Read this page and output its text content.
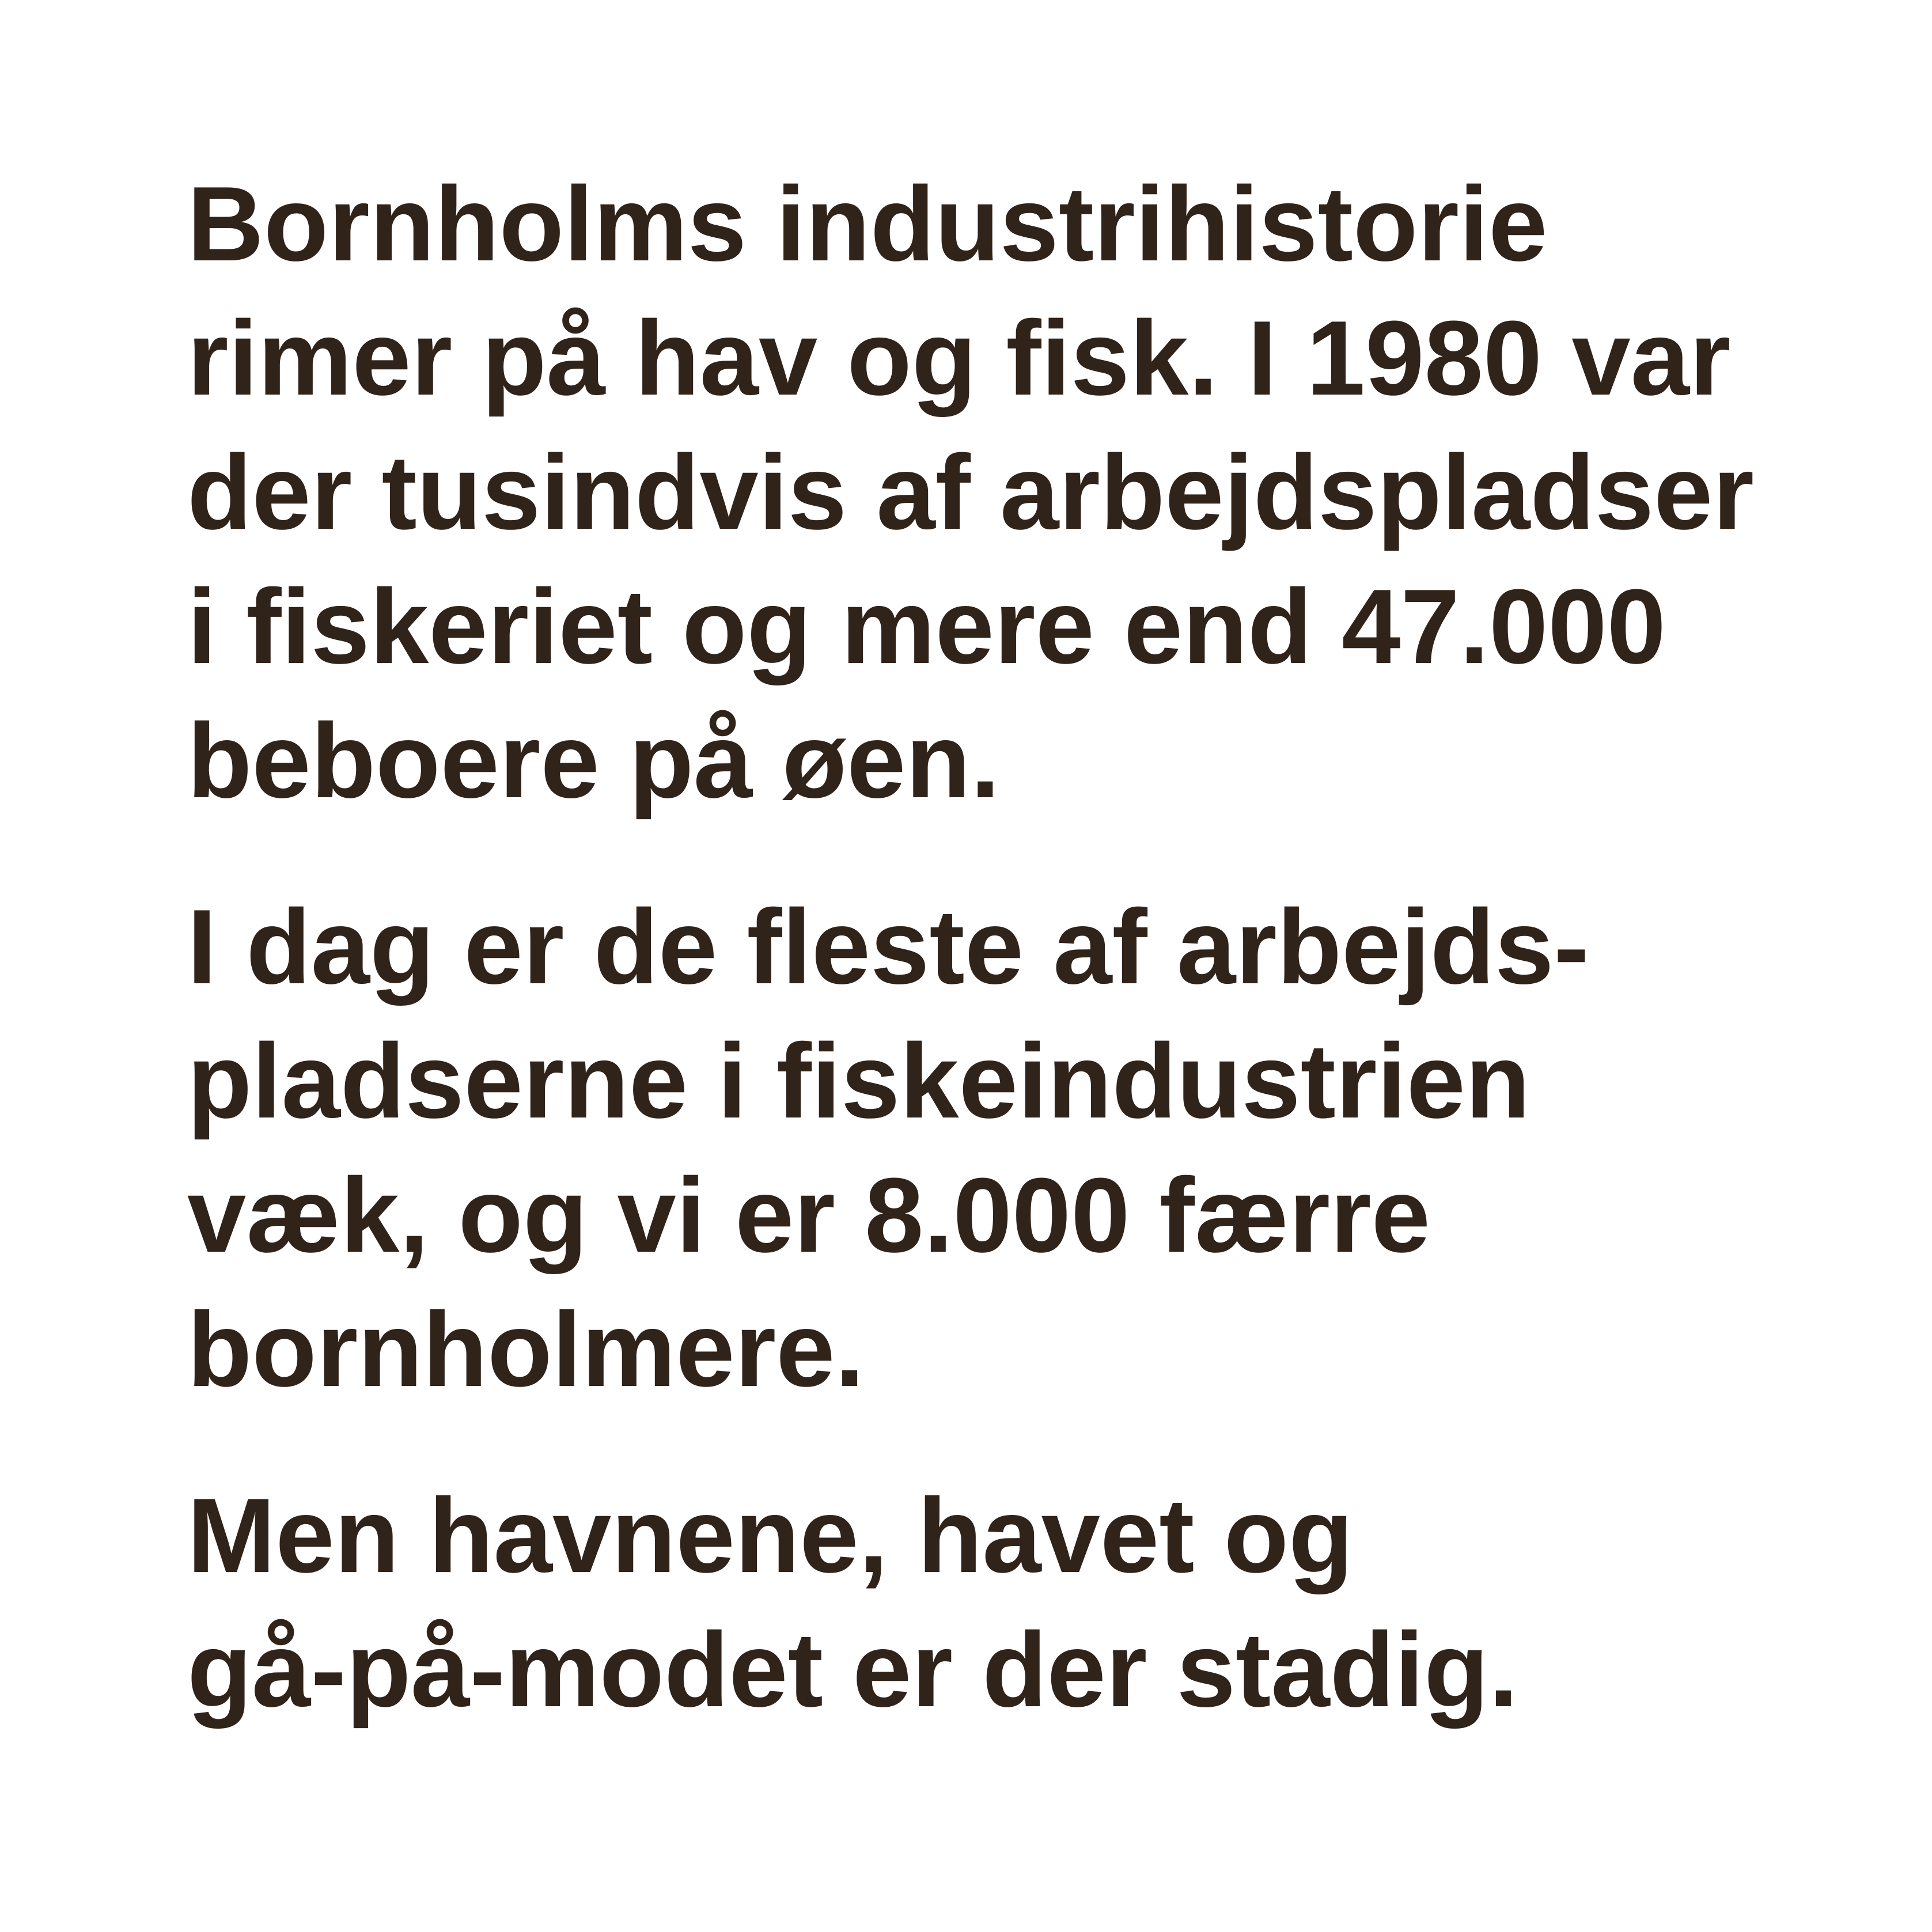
Bornholms industrihistorie
rimer på hav og fisk. I 1980 var
der tusindvis af arbejdspladser
i fiskeriet og mere end 47.000
beboere på øen.

I dag er de fleste af arbejds-
pladserne i fiskeindustrien
væk, og vi er 8.000 færre
bornholmere.

Men havnene, havet og
gå-på-modet er der stadig.
